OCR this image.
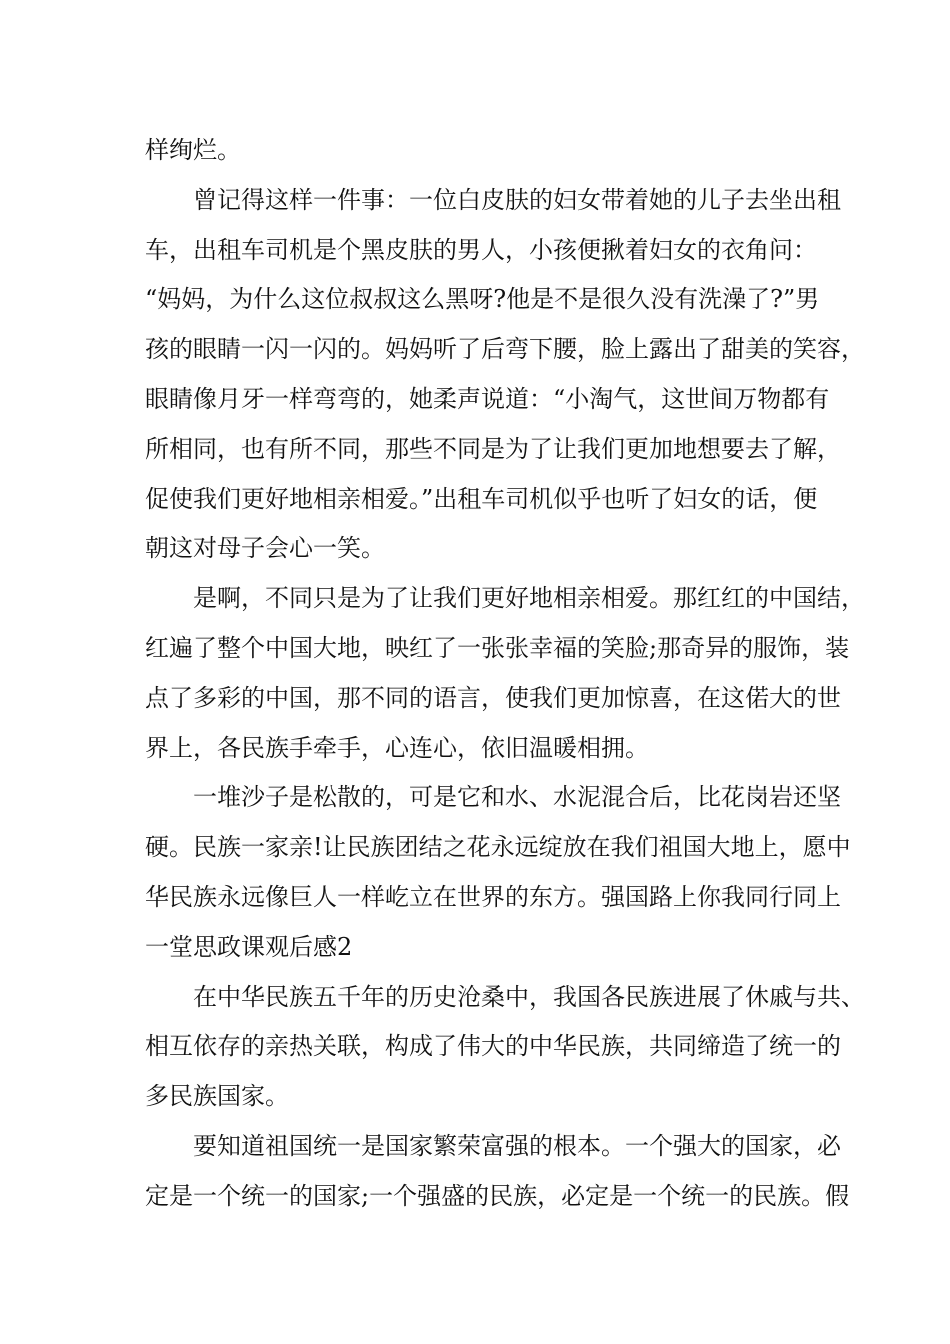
样绚烂。
曾记得这样一件事：一位白皮肤的妇女带着她的儿子去坐出租
车，出租车司机是个黑皮肤的男人，小孩便揪着妇女的衣角问：
“妈妈，为什么这位叔叔这么黑呀?他是不是很久没有洗澡了?”男
孩的眼睛一闪一闪的。妈妈听了后弯下腰，脸上露出了甜美的笑容，
眼睛像月牙一样弯弯的，她柔声说道：“小淘气，这世间万物都有
所相同，也有所不同，那些不同是为了让我们更加地想要去了解，
促使我们更好地相亲相爱。”出租车司机似乎也听了妇女的话，便
朝这对母子会心一笑。
是啊，不同只是为了让我们更好地相亲相爱。那红红的中国结，
红遍了整个中国大地，映红了一张张幸福的笑脸;那奇异的服饰，装
点了多彩的中国，那不同的语言，使我们更加惊喜，在这偌大的世
界上，各民族手牵手，心连心，依旧温暖相拥。
一堆沙子是松散的，可是它和水、水泥混合后，比花岗岩还坚
硬。民族一家亲!让民族团结之花永远绽放在我们祖国大地上，愿中
华民族永远像巨人一样屹立在世界的东方。强国路上你我同行同上
一堂思政课观后感2
在中华民族五千年的历史沧桑中，我国各民族进展了休戚与共、
相互依存的亲热关联，构成了伟大的中华民族，共同缔造了统一的
多民族国家。
要知道祖国统一是国家繁荣富强的根本。一个强大的国家，必
定是一个统一的国家;一个强盛的民族，必定是一个统一的民族。假
